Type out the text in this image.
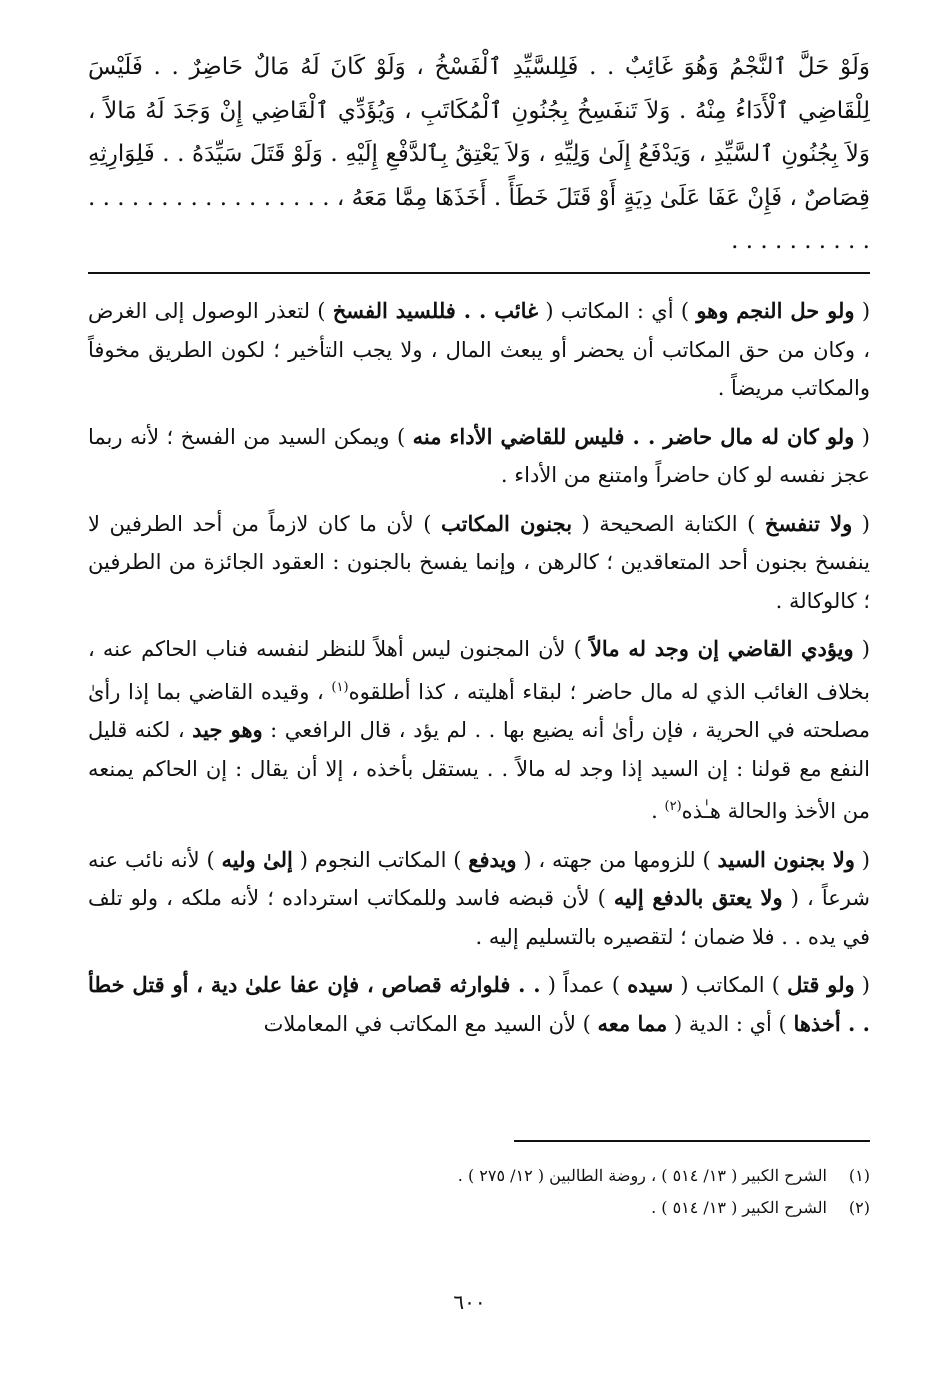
وَلَوْ حَلَّ ٱلنَّجْمُ وَهُوَ غَائِبٌ . . فَلِلسَّيِّدِ ٱلْفَسْخُ ، وَلَوْ كَانَ لَهُ مَالٌ حَاضِرٌ . . فَلَيْسَ لِلْقَاضِي ٱلْأَدَاءُ مِنْهُ . وَلاَ تَنفَسِخُ بِجُنُونِ ٱلْمُكَاتَبِ ، وَيُؤَدِّي ٱلْقَاضِي إِنْ وَجَدَ لَهُ مَالاً ، وَلاَ بِجُنُونِ ٱلسَّيِّدِ ، وَيَدْفَعُ إِلَىٰ وَلِيِّهِ ، وَلاَ يَعْتِقُ بِٱلدَّفْعِ إِلَيْهِ . وَلَوْ قَتَلَ سَيِّدَهُ . . فَلِوَارِثِهِ قِصَاصٌ ، فَإِنْ عَفَا عَلَىٰ دِيَةٍ أَوْ قَتَلَ خَطَأً . أَخَذَهَا مِمَّا مَعَهُ ، . . . . . . . . . . . . . . . . . . . . . . . . . . .

( ولو حل النجم وهو ) أي : المكاتب ( غائب . . فللسيد الفسخ ) لتعذر الوصول إلى الغرض ، وكان من حق المكاتب أن يحضر أو يبعث المال ، ولا يجب التأخير ؛ لكون الطريق مخوفاً والمكاتب مريضاً .

( ولو كان له مال حاضر . . فليس للقاضي الأداء منه ) ويمكن السيد من الفسخ ؛ لأنه ربما عجز نفسه لو كان حاضراً وامتنع من الأداء .

( ولا تنفسخ ) الكتابة الصحيحة ( بجنون المكاتب ) لأن ما كان لازماً من أحد الطرفين لا ينفسخ بجنون أحد المتعاقدين ؛ كالرهن ، وإنما يفسخ بالجنون : العقود الجائزة من الطرفين ؛ كالوكالة .

( ويؤدي القاضي إن وجد له مالاً ) لأن المجنون ليس أهلاً للنظر لنفسه فناب الحاكم عنه ، بخلاف الغائب الذي له مال حاضر ؛ لبقاء أهليته ، كذا أطلقوه$^{(١)}$ ، وقيده القاضي بما إذا رأىٰ مصلحته في الحرية ، فإن رأىٰ أنه يضيع بها . . لم يؤد ، قال الرافعي : وهو جيد ، لكنه قليل النفع مع قولنا : إن السيد إذا وجد له مالاً . . يستقل بأخذه ، إلا أن يقال : إن الحاكم يمنعه من الأخذ والحالة هـٰذه$^{(٢)}$ .

( ولا بجنون السيد ) للزومها من جهته ، ( ويدفع ) المكاتب النجوم ( إلىٰ وليه ) لأنه نائب عنه شرعاً ، ( ولا يعتق بالدفع إليه ) لأن قبضه فاسد وللمكاتب استرداده ؛ لأنه ملكه ، ولو تلف في يده . . فلا ضمان ؛ لتقصيره بالتسليم إليه .

( ولو قتل ) المكاتب ( سيده ) عمداً ( . . فلوارثه قصاص ، فإن عفا علىٰ دية ، أو قتل خطأ . . أخذها ) أي : الدية ( مما معه ) لأن السيد مع المكاتب في المعاملات

(١) الشرح الكبير ( ١٣/ ٥١٤ ) ، روضة الطالبين ( ١٢/ ٢٧٥ ) .
(٢) الشرح الكبير ( ١٣/ ٥١٤ ) .
٦٠٠
